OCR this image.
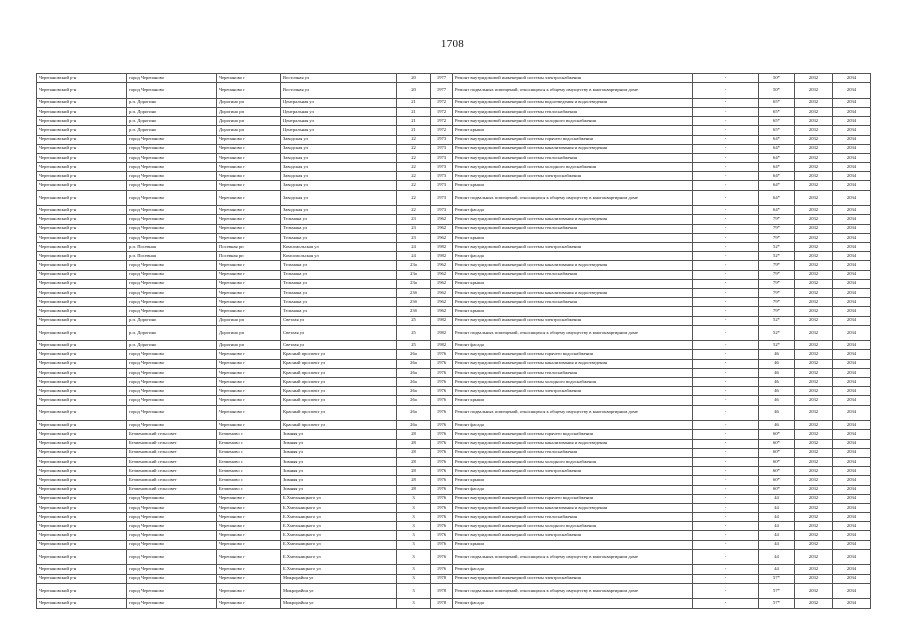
1708
Черепановский р-н	город Черепаново	Черепаново г	Восточная ул	20	1977	Ремонт внутридомовой инженерной системы электроснабжения	-	50*	2032	2034
Черепановский р-н	город Черепаново	Черепаново г	Восточная ул	20	1977	Ремонт подвальных помещений, относящихся к общему имуществу в многоквартирном доме	-	50*	2032	2034
Черепановский р-н	р.п. Дорогино	Дорогино рп	Центральная ул	21	1972	Ремонт внутридомовой инженерной системы водоотведения и водоотведения	-	65*	2032	2034
Черепановский р-н	р.п. Дорогино	Дорогино рп	Центральная ул	21	1972	Ремонт внутридомовой инженерной системы теплоснабжения	-	65*	2032	2034
Черепановский р-н	р.п. Дорогино	Дорогино рп	Центральная ул	21	1972	Ремонт внутридомовой инженерной системы холодного водоснабжения	-	65*	2032	2034
Черепановский р-н	р.п. Дорогино	Дорогино рп	Центральная ул	21	1972	Ремонт крыши	-	65*	2032	2034
Черепановский р-н	город Черепаново	Черепаново г	Заводская ул	22	1973	Ремонт внутридомовой инженерной системы горячего водоснабжения	-	64*	2032	2034
Черепановский р-н	город Черепаново	Черепаново г	Заводская ул	22	1973	Ремонт внутридомовой инженерной системы канализования и водоотведения	-	64*	2032	2034
Черепановский р-н	город Черепаново	Черепаново г	Заводская ул	22	1973	Ремонт внутридомовой инженерной системы теплоснабжения	-	64*	2032	2034
Черепановский р-н	город Черепаново	Черепаново г	Заводская ул	22	1973	Ремонт внутридомовой инженерной системы холодного водоснабжения	-	64*	2032	2034
Черепановский р-н	город Черепаново	Черепаново г	Заводская ул	22	1973	Ремонт внутридомовой инженерной системы электроснабжения	-	64*	2032	2034
Черепановский р-н	город Черепаново	Черепаново г	Заводская ул	22	1973	Ремонт крыши	-	64*	2032	2034
Черепановский р-н	город Черепаново	Черепаново г	Заводская ул	22	1973	Ремонт подвальных помещений, относящихся к общему имуществу в многоквартирном доме	-	64*	2032	2034
Черепановский р-н	город Черепаново	Черепаново г	Заводская ул	22	1973	Ремонт фасада	-	64*	2032	2034
Черепановский р-н	город Черепаново	Черепаново г	Тельмана ул	23	1962	Ремонт внутридомовой инженерной системы канализования и водоотведения	-	79*	2032	2034
Черепановский р-н	город Черепаново	Черепаново г	Тельмана ул	23	1962	Ремонт внутридомовой инженерной системы теплоснабжения	-	79*	2032	2034
Черепановский р-н	город Черепаново	Черепаново г	Тельмана ул	23	1962	Ремонт крыши	-	79*	2032	2034
Черепановский р-н	р.п. Посевная	Посевная рп	Комсомольская ул	24	1982	Ремонт внутридомовой инженерной системы электроснабжения	-	52*	2032	2034
Черепановский р-н	р.п. Посевная	Посевная рп	Комсомольская ул	24	1982	Ремонт фасада	-	52*	2032	2034
Черепановский р-н	город Черепаново	Черепаново г	Тельмана ул	23а	1962	Ремонт внутридомовой инженерной системы канализования и водоотведения	-	79*	2032	2034
Черепановский р-н	город Черепаново	Черепаново г	Тельмана ул	23а	1962	Ремонт внутридомовой инженерной системы теплоснабжения	-	79*	2032	2034
Черепановский р-н	город Черепаново	Черепаново г	Тельмана ул	23а	1962	Ремонт крыши	-	79*	2032	2034
Черепановский р-н	город Черепаново	Черепаново г	Тельмана ул	23б	1962	Ремонт внутридомовой инженерной системы канализования и водоотведения	-	79*	2032	2034
Черепановский р-н	город Черепаново	Черепаново г	Тельмана ул	23б	1962	Ремонт внутридомовой инженерной системы теплоснабжения	-	79*	2032	2034
Черепановский р-н	город Черепаново	Черепаново г	Тельмана ул	23б	1962	Ремонт крыши	-	79*	2032	2034
Черепановский р-н	р.п. Дорогино	Дорогино рп	Светлая ул	25	1982	Ремонт внутридомовой инженерной системы электроснабжения	-	52*	2032	2034
Черепановский р-н	р.п. Дорогино	Дорогино рп	Светлая ул	25	1982	Ремонт подвальных помещений, относящихся к общему имуществу в многоквартирном доме	-	52*	2032	2034
Черепановский р-н	р.п. Дорогино	Дорогино рп	Светлая ул	25	1982	Ремонт фасада	-	52*	2032	2034
Черепановский р-н	город Черепаново	Черепаново г	Красный проспект ул	26а	1976	Ремонт внутридомовой инженерной системы горячего водоснабжения	-	46	2032	2034
Черепановский р-н	город Черепаново	Черепаново г	Красный проспект ул	26а	1976	Ремонт внутридомовой инженерной системы канализования и водоотведения	-	46	2032	2034
Черепановский р-н	город Черепаново	Черепаново г	Красный проспект ул	26а	1976	Ремонт внутридомовой инженерной системы теплоснабжения	-	46	2032	2034
Черепановский р-н	город Черепаново	Черепаново г	Красный проспект ул	26а	1976	Ремонт внутридомовой инженерной системы холодного водоснабжения	-	46	2032	2034
Черепановский р-н	город Черепаново	Черепаново г	Красный проспект ул	26а	1976	Ремонт внутридомовой инженерной системы электроснабжения	-	46	2032	2034
Черепановский р-н	город Черепаново	Черепаново г	Красный проспект ул	26а	1976	Ремонт крыши	-	46	2032	2034
Черепановский р-н	город Черепаново	Черепаново г	Красный проспект ул	26а	1976	Ремонт подвальных помещений, относящихся к общему имуществу в многоквартирном доме	-	46	2032	2034
Черепановский р-н	город Черепаново	Черепаново г	Красный проспект ул	26а	1976	Ремонт фасада	-	46	2032	2034
Черепановский р-н	Безменовский сельсовет	Безменово с	Зимняя ул	28	1976	Ремонт внутридомовой инженерной системы горячего водоснабжения	-	60*	2032	2034
Черепановский р-н	Безменовский сельсовет	Безменово с	Зимняя ул	28	1976	Ремонт внутридомовой инженерной системы канализования и водоотведения	-	60*	2032	2034
Черепановский р-н	Безменовский сельсовет	Безменово с	Зимняя ул	28	1976	Ремонт внутридомовой инженерной системы теплоснабжения	-	60*	2032	2034
Черепановский р-н	Безменовский сельсовет	Безменово с	Зимняя ул	28	1976	Ремонт внутридомовой инженерной системы холодного водоснабжения	-	60*	2032	2034
Черепановский р-н	Безменовский сельсовет	Безменово с	Зимняя ул	28	1976	Ремонт внутридомовой инженерной системы электроснабжения	-	60*	2032	2034
Черепановский р-н	Безменовский сельсовет	Безменово с	Зимняя ул	28	1976	Ремонт крыши	-	60*	2032	2034
Черепановский р-н	Безменовский сельсовет	Безменово с	Зимняя ул	28	1976	Ремонт фасада	-	60*	2032	2034
Черепановский р-н	город Черепаново	Черепаново г	Б.Хмельницкого ул	3	1976	Ремонт внутридомовой инженерной системы горячего водоснабжения	-	44	2032	2034
Черепановский р-н	город Черепаново	Черепаново г	Б.Хмельницкого ул	3	1976	Ремонт внутридомовой инженерной системы канализования и водоотведения	-	44	2032	2034
Черепановский р-н	город Черепаново	Черепаново г	Б.Хмельницкого ул	3	1976	Ремонт внутридомовой инженерной системы теплоснабжения	-	44	2032	2034
Черепановский р-н	город Черепаново	Черепаново г	Б.Хмельницкого ул	3	1976	Ремонт внутридомовой инженерной системы холодного водоснабжения	-	44	2032	2034
Черепановский р-н	город Черепаново	Черепаново г	Б.Хмельницкого ул	3	1976	Ремонт внутридомовой инженерной системы электроснабжения	-	44	2032	2034
Черепановский р-н	город Черепаново	Черепаново г	Б.Хмельницкого ул	3	1976	Ремонт крыши	-	44	2032	2034
Черепановский р-н	город Черепаново	Черепаново г	Б.Хмельницкого ул	3	1976	Ремонт подвальных помещений, относящихся к общему имуществу в многоквартирном доме	-	44	2032	2034
Черепановский р-н	город Черепаново	Черепаново г	Б.Хмельницкого ул	3	1976	Ремонт фасада	-	44	2032	2034
Черепановский р-н	город Черепаново	Черепаново г	Микрорайон ул	3	1978	Ремонт внутридомовой инженерной системы электроснабжения	-	57*	2032	2034
Черепановский р-н	город Черепаново	Черепаново г	Микрорайон ул	3	1978	Ремонт подвальных помещений, относящихся к общему имуществу в многоквартирном доме	-	57*	2032	2034
Черепановский р-н	город Черепаново	Черепаново г	Микрорайон ул	3	1978	Ремонт фасада	-	57*	2032	2034
